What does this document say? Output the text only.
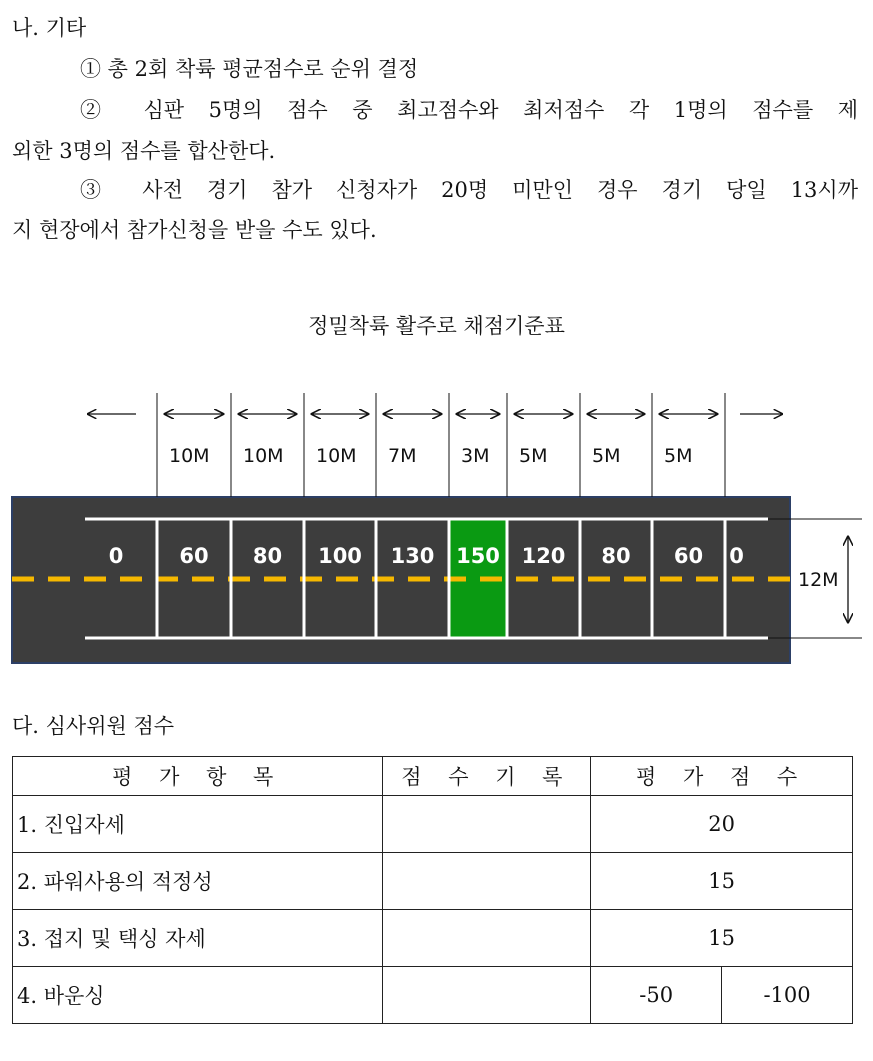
나. 기타
① 총 2회 착륙 평균점수로 순위 결정
② 심판 5명의 점수 중 최고점수와 최저점수 각 1명의 점수를 제
외한 3명의 점수를 합산한다.
③ 사전 경기 참가 신청자가 20명 미만인 경우 경기 당일 13시까
지 현장에서 참가신청을 받을 수도 있다.
정밀착륙 활주로 채점기준표
0	60 80 100 130 150 120 80 60 0
10M 10M 10M 7M 3M 5M 5M 5M
12M
다. 심사위원 점수
평 가 항 목	점 수 기 록	평 가 점 수	
1. 진입자세		20	
2. 파워사용의 적정성		15	
3. 접지 및 택싱 자세		15	
4. 바운싱		-50	-100
